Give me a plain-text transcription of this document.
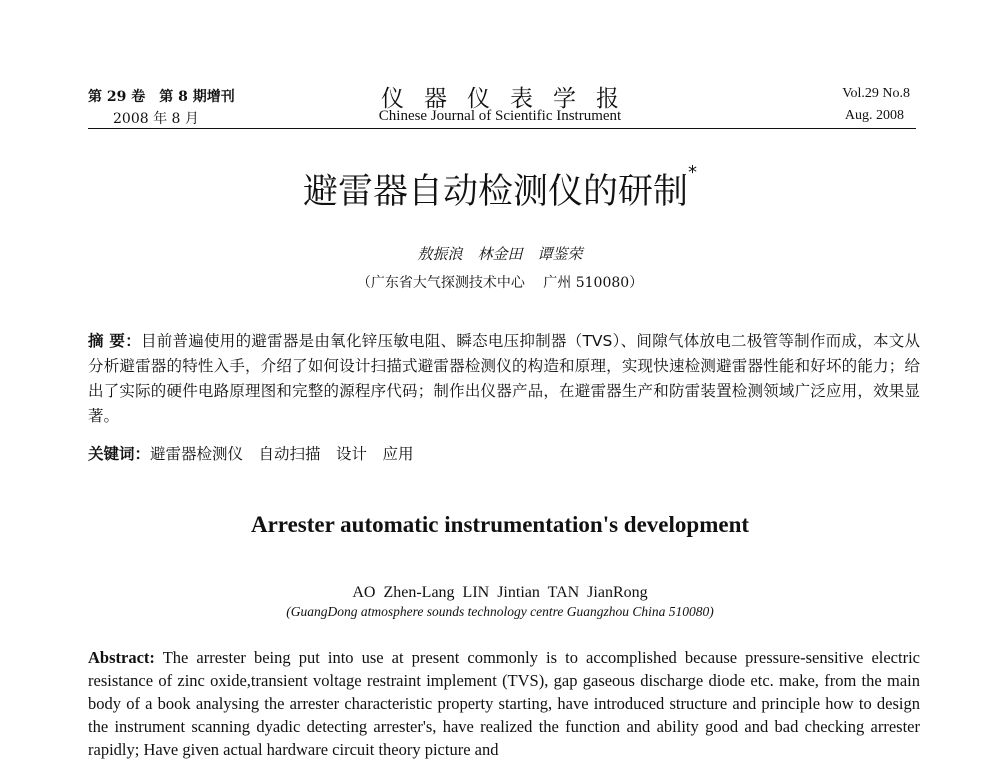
第 29 卷　第 8 期增刊
2008 年 8 月
仪器仪表学报
Chinese Journal of Scientific Instrument
Vol.29 No.8
Aug. 2008
避雷器自动检测仪的研制*
敖振浪　林金田　谭鉴荣
（广东省大气探测技术中心　 广州 510080）
摘 要：目前普遍使用的避雷器是由氧化锌压敏电阻、瞬态电压抑制器（TVS）、间隙气体放电二极管等制作而成，本文从分析避雷器的特性入手，介绍了如何设计扫描式避雷器检测仪的构造和原理，实现快速检测避雷器性能和好坏的能力；给出了实际的硬件电路原理图和完整的源程序代码；制作出仪器产品，在避雷器生产和防雷装置检测领域广泛应用，效果显著。
关键词：避雷器检测仪　自动扫描　设计　应用
Arrester automatic instrumentation's development
AO Zhen-Lang LIN Jintian TAN JianRong
(GuangDong atmosphere sounds technology centre Guangzhou China 510080)
Abstract: The arrester being put into use at present commonly is to accomplished because pressure-sensitive electric resistance of zinc oxide,transient voltage restraint implement (TVS), gap gaseous discharge diode etc. make, from the main body of a book analysing the arrester characteristic property starting, have introduced structure and principle how to design the instrument scanning dyadic detecting arrester's, have realized the function and ability good and bad checking arrester rapidly; Have given actual hardware circuit theory picture and
